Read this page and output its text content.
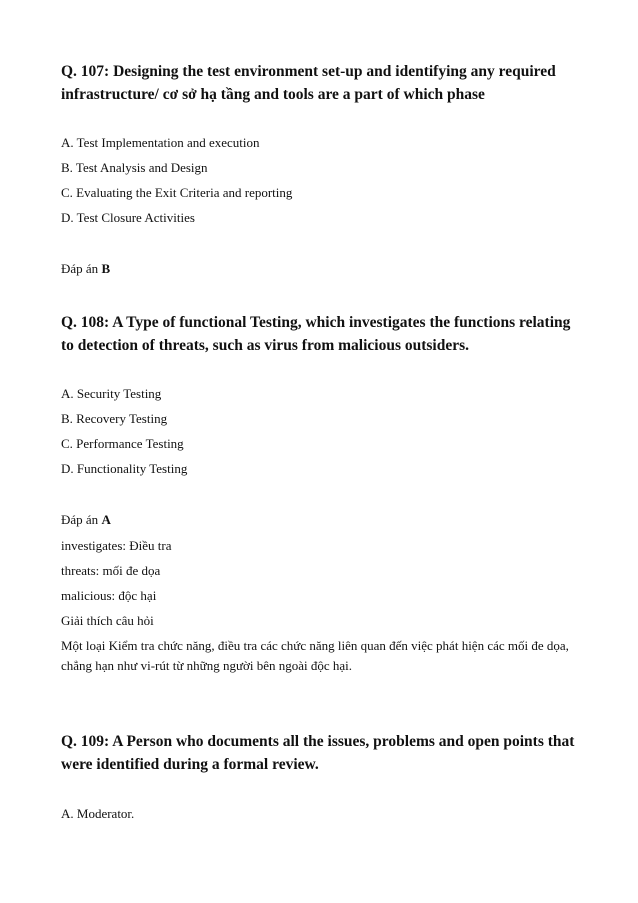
Q. 107: Designing the test environment set-up and identifying any required infrastructure/ cơ sở hạ tầng and tools are a part of which phase

A. Test Implementation and execution
B. Test Analysis and Design
C. Evaluating the Exit Criteria and reporting
D. Test Closure Activities
Đáp án B

Q. 108: A Type of functional Testing, which investigates the functions relating to detection of threats, such as virus from malicious outsiders.

A. Security Testing
B. Recovery Testing
C. Performance Testing
D. Functionality Testing
Đáp án A
investigates: Điều tra
threats: mối đe dọa
malicious: độc hại
Giải thích câu hỏi
Một loại Kiểm tra chức năng, điều tra các chức năng liên quan đến việc phát hiện các mối đe dọa, chẳng hạn như vi-rút từ những người bên ngoài độc hại.

Q. 109: A Person who documents all the issues, problems and open points that were identified during a formal review.

A. Moderator.
